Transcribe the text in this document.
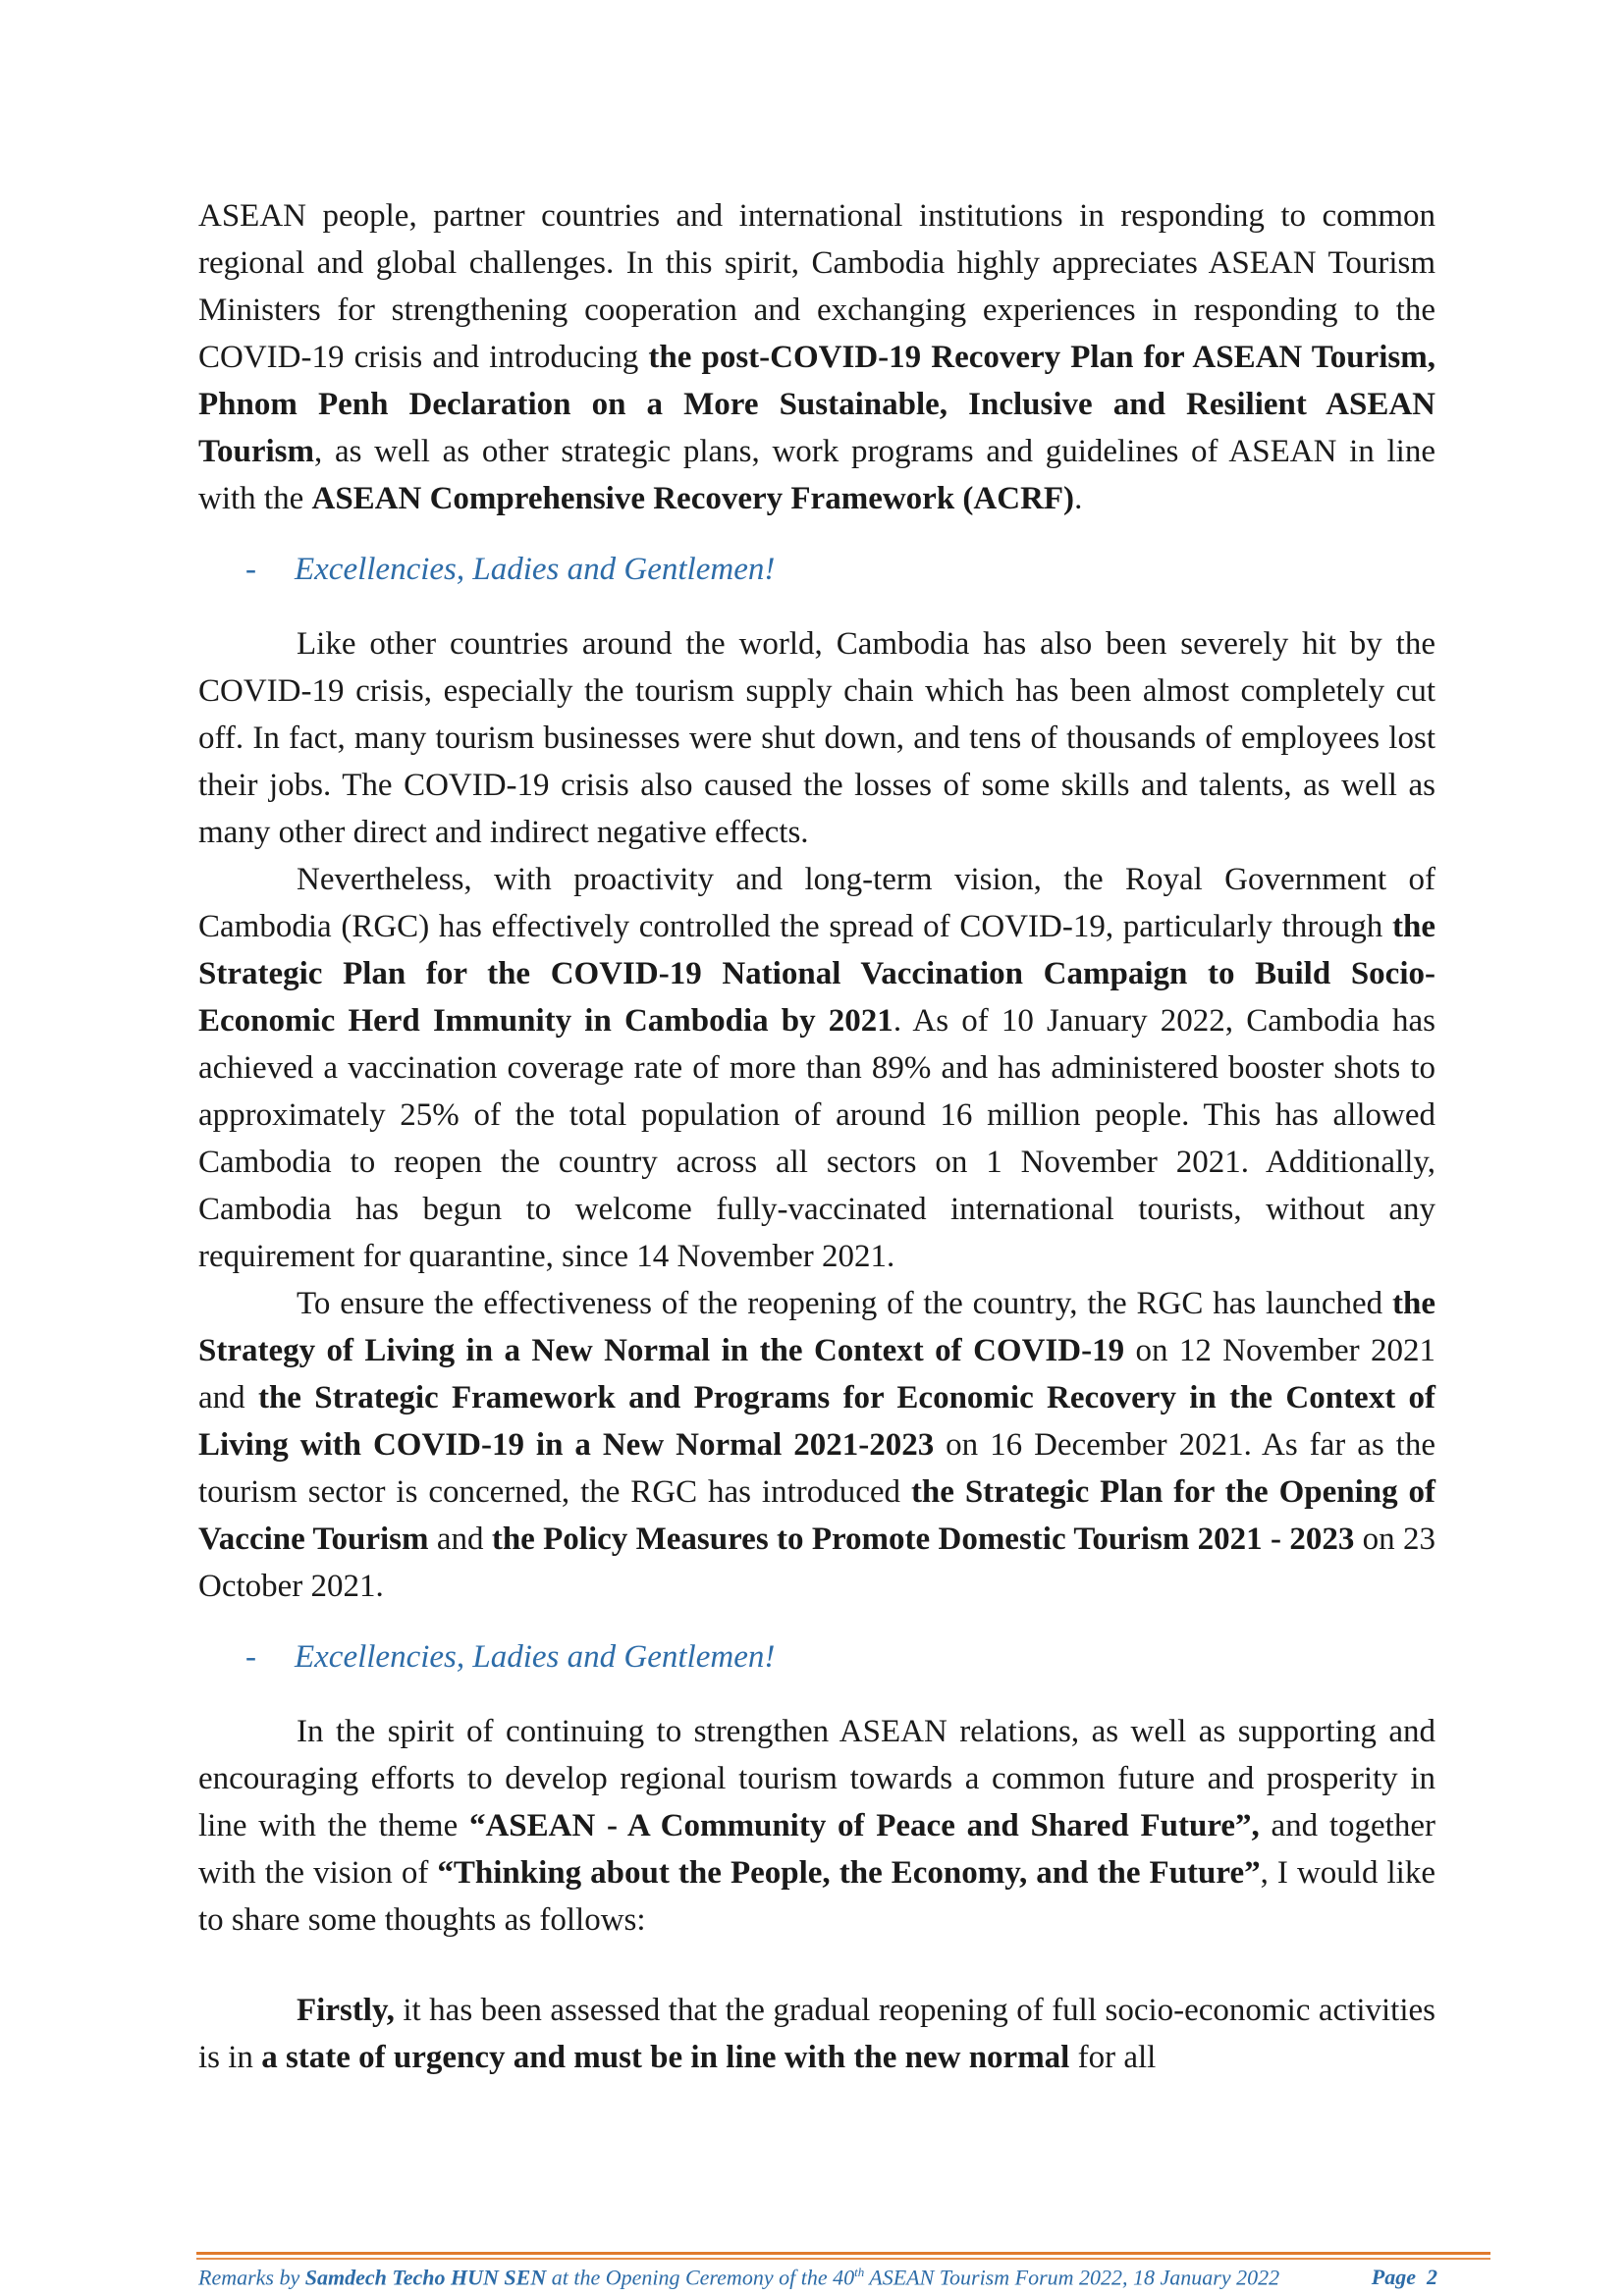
ASEAN people, partner countries and international institutions in responding to common regional and global challenges. In this spirit, Cambodia highly appreciates ASEAN Tourism Ministers for strengthening cooperation and exchanging experiences in responding to the COVID-19 crisis and introducing the post-COVID-19 Recovery Plan for ASEAN Tourism, Phnom Penh Declaration on a More Sustainable, Inclusive and Resilient ASEAN Tourism, as well as other strategic plans, work programs and guidelines of ASEAN in line with the ASEAN Comprehensive Recovery Framework (ACRF).

-	Excellencies, Ladies and Gentlemen!

Like other countries around the world, Cambodia has also been severely hit by the COVID-19 crisis, especially the tourism supply chain which has been almost completely cut off. In fact, many tourism businesses were shut down, and tens of thousands of employees lost their jobs. The COVID-19 crisis also caused the losses of some skills and talents, as well as many other direct and indirect negative effects.

Nevertheless, with proactivity and long-term vision, the Royal Government of Cambodia (RGC) has effectively controlled the spread of COVID-19, particularly through the Strategic Plan for the COVID-19 National Vaccination Campaign to Build Socio-Economic Herd Immunity in Cambodia by 2021. As of 10 January 2022, Cambodia has achieved a vaccination coverage rate of more than 89% and has administered booster shots to approximately 25% of the total population of around 16 million people. This has allowed Cambodia to reopen the country across all sectors on 1 November 2021. Additionally, Cambodia has begun to welcome fully-vaccinated international tourists, without any requirement for quarantine, since 14 November 2021.

To ensure the effectiveness of the reopening of the country, the RGC has launched the Strategy of Living in a New Normal in the Context of COVID-19 on 12 November 2021 and the Strategic Framework and Programs for Economic Recovery in the Context of Living with COVID-19 in a New Normal 2021-2023 on 16 December 2021. As far as the tourism sector is concerned, the RGC has introduced the Strategic Plan for the Opening of Vaccine Tourism and the Policy Measures to Promote Domestic Tourism 2021 - 2023 on 23 October 2021.

-	Excellencies, Ladies and Gentlemen!

In the spirit of continuing to strengthen ASEAN relations, as well as supporting and encouraging efforts to develop regional tourism towards a common future and prosperity in line with the theme “ASEAN - A Community of Peace and Shared Future”, and together with the vision of “Thinking about the People, the Economy, and the Future”, I would like to share some thoughts as follows:

Firstly, it has been assessed that the gradual reopening of full socio-economic activities is in a state of urgency and must be in line with the new normal for all

Remarks by Samdech Techo HUN SEN at the Opening Ceremony of the 40th ASEAN Tourism Forum 2022, 18 January 2022	Page 2
